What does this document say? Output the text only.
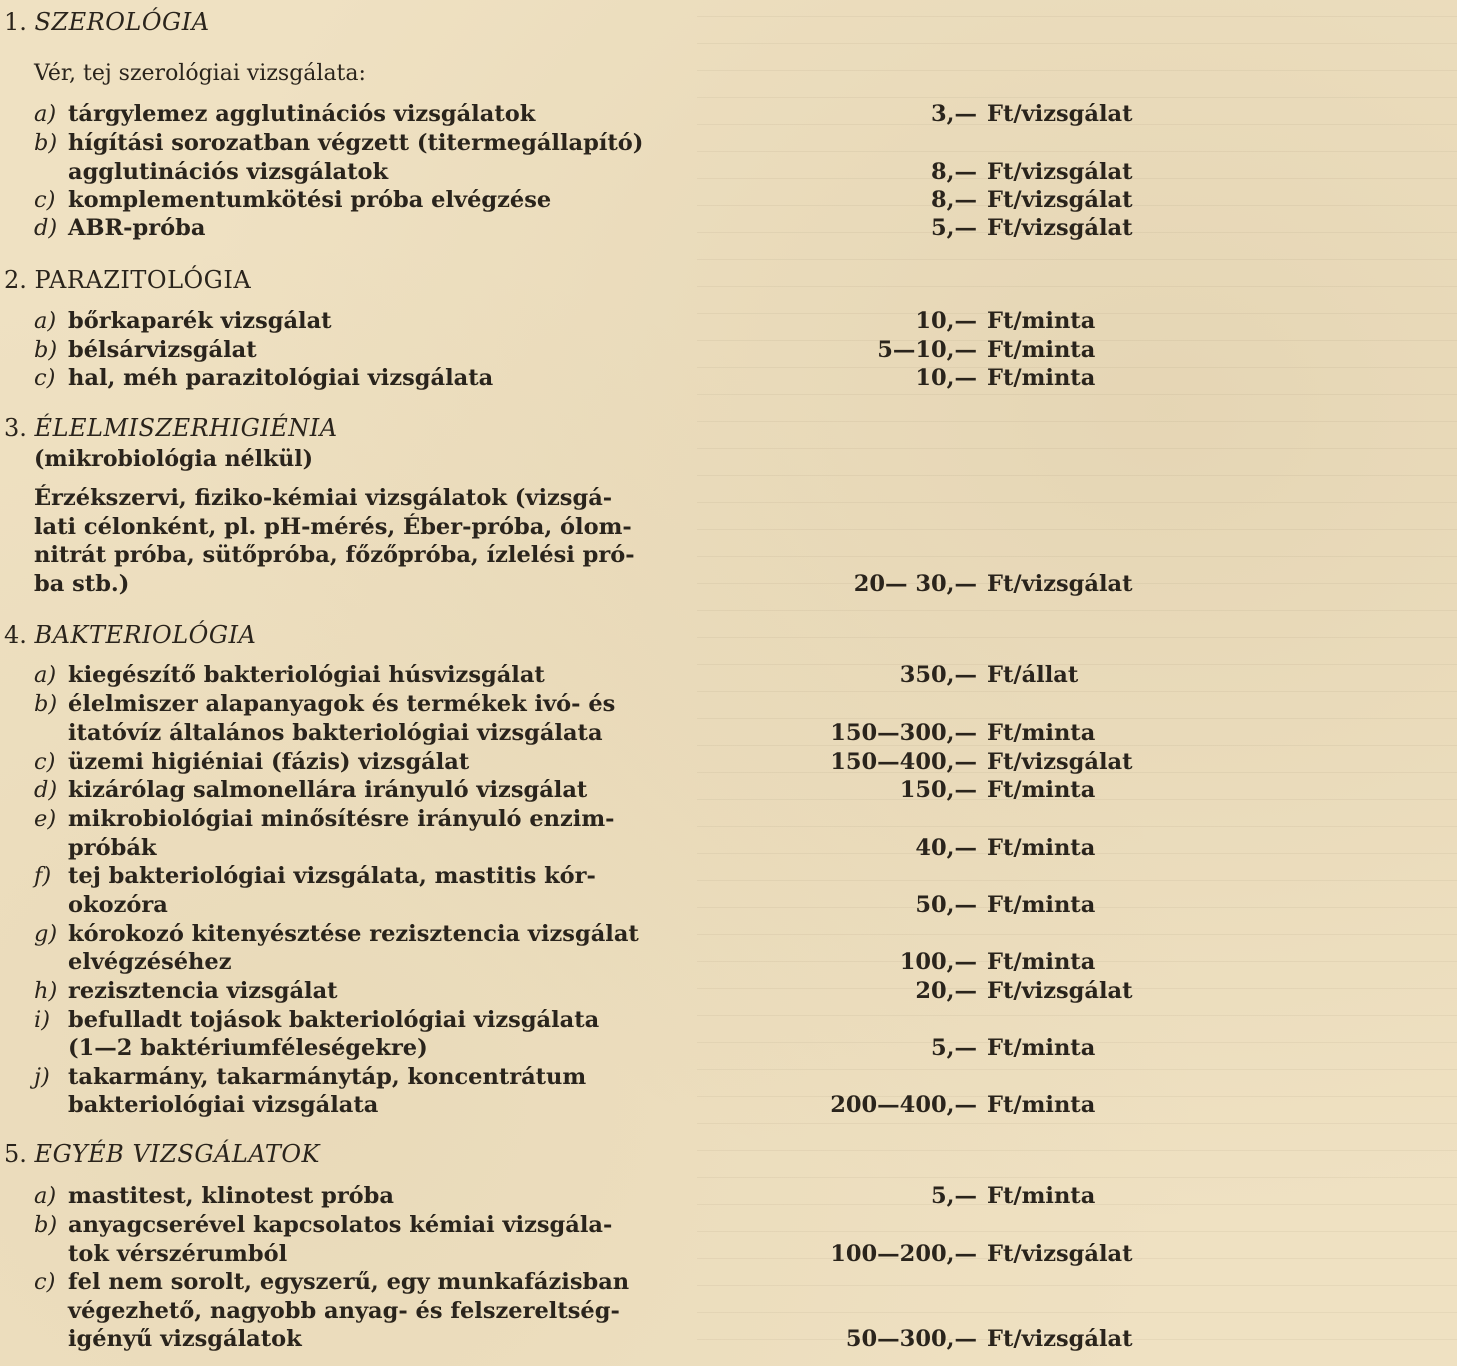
1. SZEROLÓGIA
Vér, tej szerológiai vizsgálata:
a) tárgylemez agglutinációs vizsgálatok
b) hígítási sorozatban végzett (titermegállapító)
agglutinációs vizsgálatok
c) komplementumkötési próba elvégzése
d) ABR-próba
3,— Ft/vizsgálat
8,— Ft/vizsgálat
8,— Ft/vizsgálat
5,— Ft/vizsgálat
2. PARAZITOLÓGIA
a) bőrkaparék vizsgálat
b) bélsárvizsgálat
c) hal, méh parazitológiai vizsgálata
10,— Ft/minta
5—10,— Ft/minta
10,— Ft/minta
3. ÉLELMISZERHIGIÉNIA
(mikrobiológia nélkül)
Érzékszervi, fiziko-kémiai vizsgálatok (vizsgá-
lati célonként, pl. pH-mérés, Éber-próba, ólom-
nitrát próba, sütőpróba, főzőpróba, ízlelési pró-
ba stb.)	20— 30,— Ft/vizsgálat
4. BAKTERIOLÓGIA
a) kiegészítő bakteriológiai húsvizsgálat
b) élelmiszer alapanyagok és termékek ivó- és
itatóvíz általános bakteriológiai vizsgálata
c) üzemi higiéniai (fázis) vizsgálat
d) kizárólag salmonellára irányuló vizsgálat
e) mikrobiológiai minősítésre irányuló enzim-
próbák
f) tej bakteriológiai vizsgálata, mastitis kór-
okozóra
g) kórokozó kitenyésztése rezisztencia vizsgálat
elvégzéséhez
h) rezisztencia vizsgálat
i) befulladt tojások bakteriológiai vizsgálata
(1—2 baktériumféleségekre)
j) takarmány, takarmánytáp, koncentrátum
bakteriológiai vizsgálata
350,— Ft/állat
150—300,— Ft/minta
150—400,— Ft/vizsgálat
150,— Ft/minta
40,— Ft/minta
50,— Ft/minta
100,— Ft/minta
20,— Ft/vizsgálat
5,— Ft/minta
200—400,— Ft/minta
5. EGYÉB VIZSGÁLATOK
a) mastitest, klinotest próba
b) anyagcserével kapcsolatos kémiai vizsgála-
tok vérszérumból
c) fel nem sorolt, egyszerű, egy munkafázisban
végezhető, nagyobb anyag- és felszereltség-
igényű vizsgálatok
5,— Ft/minta
100—200,— Ft/vizsgálat
50—300,— Ft/vizsgálat
